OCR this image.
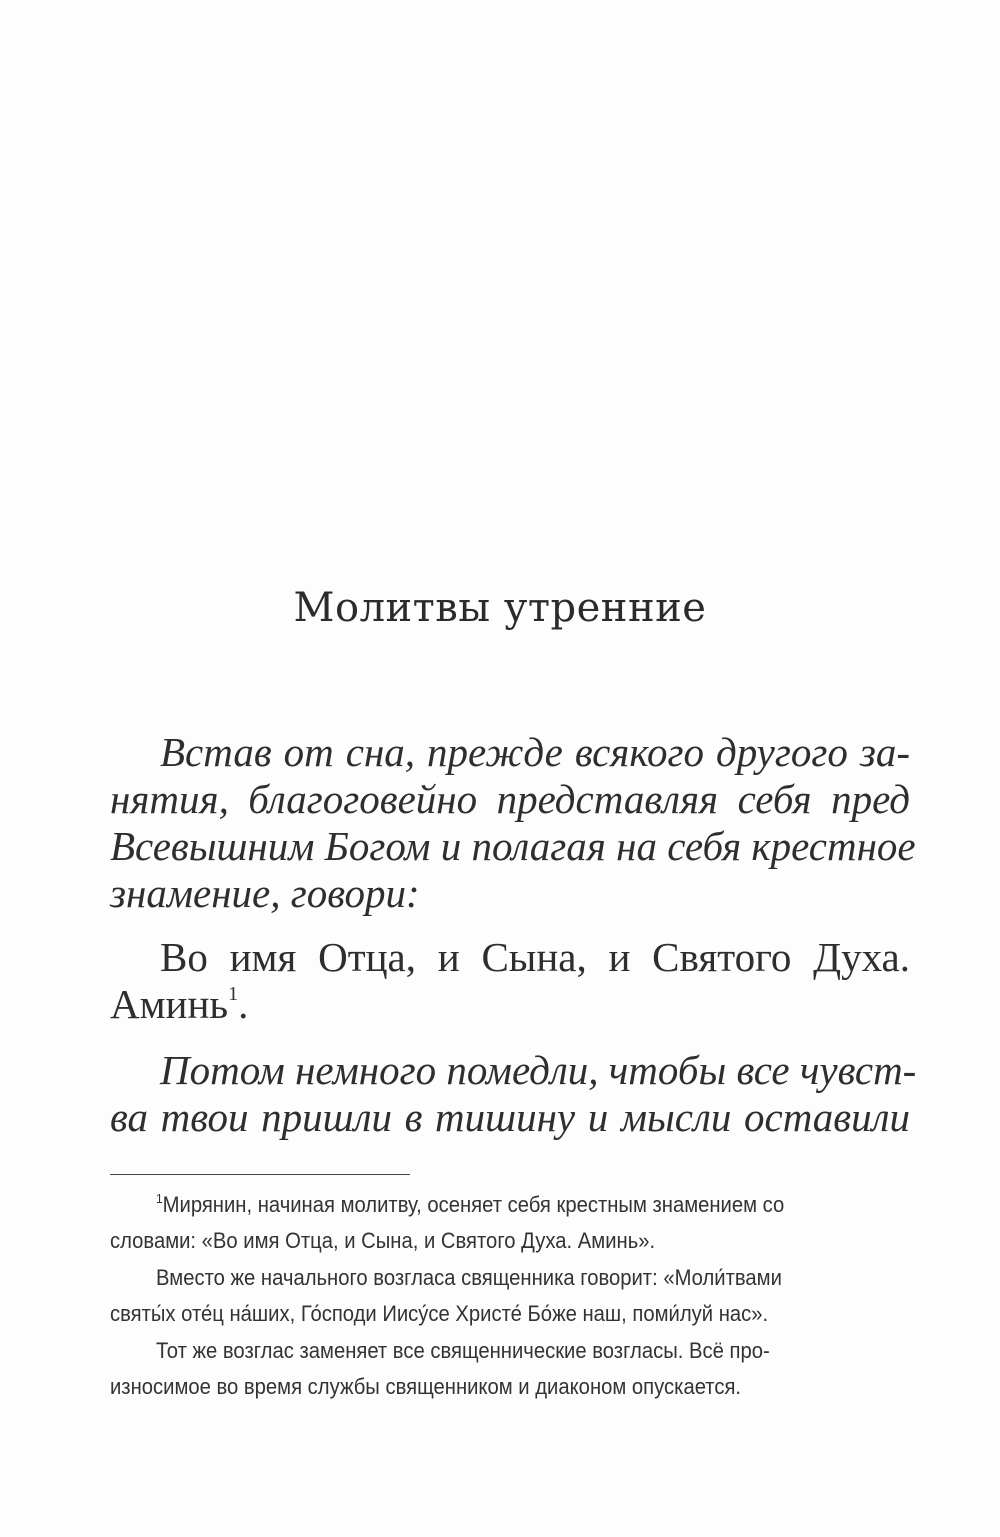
Молитвы утренние
Встав от сна, прежде всякого другого за-
нятия, благоговейно представляя себя пред
Всевышним Богом и полагая на себя крестное
знамение, говори:
Во имя Отца, и Сына, и Святого Духа.
Аминь$^1$.
Потом немного помедли, чтобы все чувст-
ва твои пришли в тишину и мысли оставили
$^1$Мирянин, начиная молитву, осеняет себя крестным знамением со
словами: «Во имя Отца, и Сына, и Святого Духа. Аминь».
Вместо же начального возгласа священника говорит: «Моли́твами
святы́х оте́ц на́ших, Го́споди Иису́се Христе́ Бо́же наш, поми́луй нас».
Тот же возглас заменяет все священнические возгласы. Всё про-
износимое во время службы священником и диаконом опускается.
